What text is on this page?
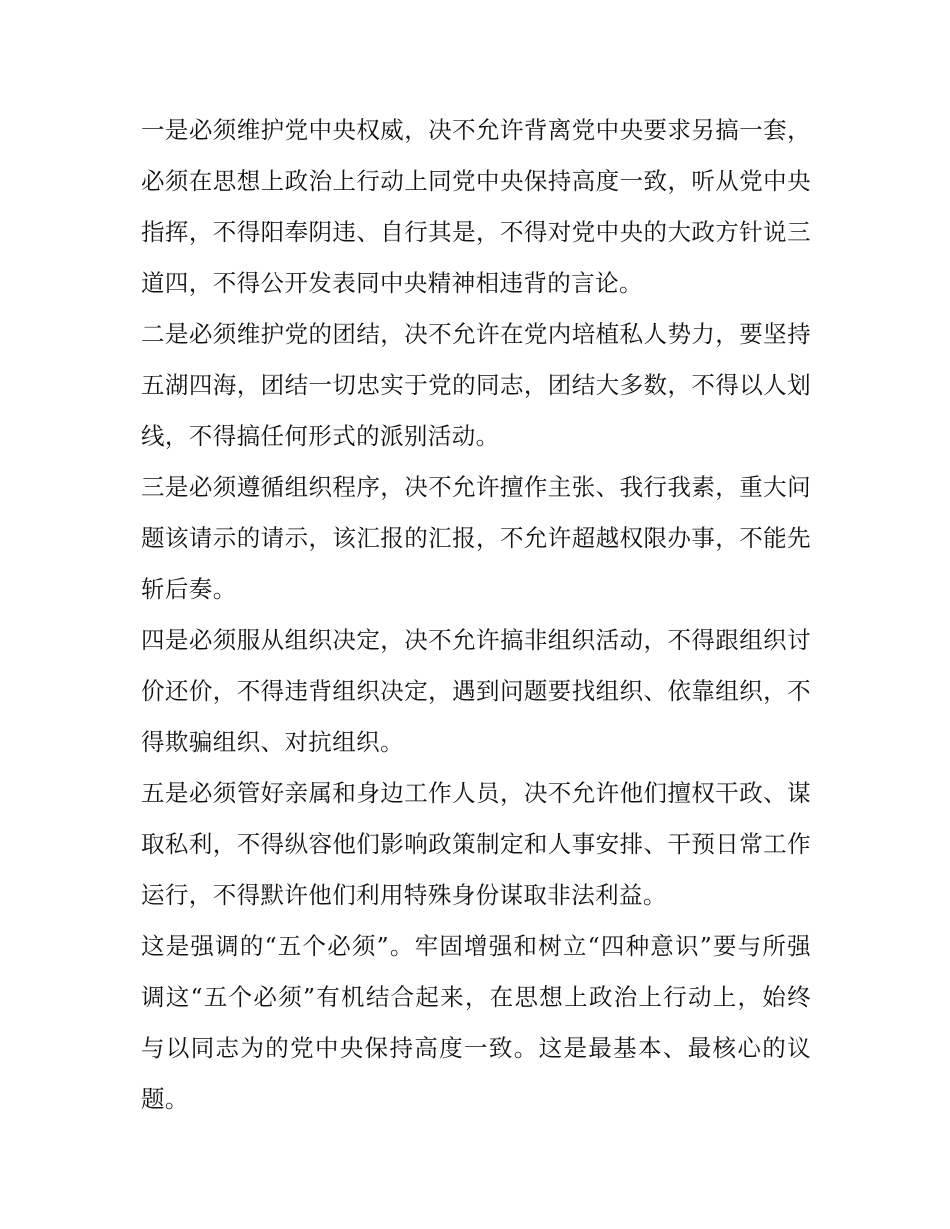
一是必须维护党中央权威，决不允许背离党中央要求另搞一套，必须在思想上政治上行动上同党中央保持高度一致，听从党中央指挥，不得阳奉阴违、自行其是，不得对党中央的大政方针说三道四，不得公开发表同中央精神相违背的言论。

二是必须维护党的团结，决不允许在党内培植私人势力，要坚持五湖四海，团结一切忠实于党的同志，团结大多数，不得以人划线，不得搞任何形式的派别活动。

三是必须遵循组织程序，决不允许擅作主张、我行我素，重大问题该请示的请示，该汇报的汇报，不允许超越权限办事，不能先斩后奏。

四是必须服从组织决定，决不允许搞非组织活动，不得跟组织讨价还价，不得违背组织决定，遇到问题要找组织、依靠组织，不得欺骗组织、对抗组织。

五是必须管好亲属和身边工作人员，决不允许他们擅权干政、谋取私利，不得纵容他们影响政策制定和人事安排、干预日常工作运行，不得默许他们利用特殊身份谋取非法利益。

这是强调的“五个必须”。牢固增强和树立“四种意识”要与所强调这“五个必须”有机结合起来，在思想上政治上行动上，始终与以同志为的党中央保持高度一致。这是最基本、最核心的议题。
